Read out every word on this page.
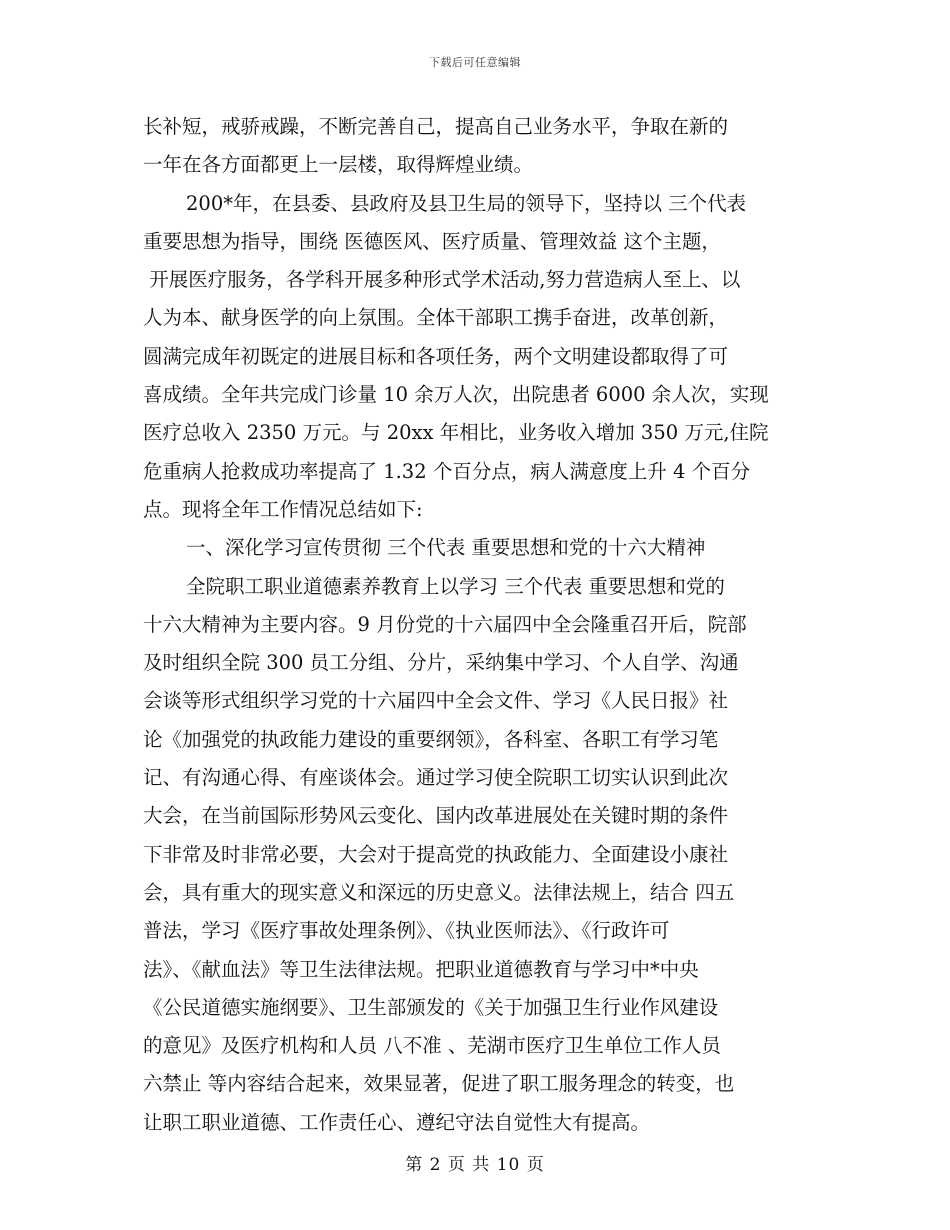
下载后可任意编辑
长补短，戒骄戒躁，不断完善自己，提高自己业务水平，争取在新的
一年在各方面都更上一层楼，取得辉煌业绩。
200*年，在县委、县政府及县卫生局的领导下，坚持以 三个代表
重要思想为指导，围绕 医德医风、医疗质量、管理效益 这个主题，
开展医疗服务，各学科开展多种形式学术活动,努力营造病人至上、以
人为本、献身医学的向上氛围。全体干部职工携手奋进，改革创新，
圆满完成年初既定的进展目标和各项任务，两个文明建设都取得了可
喜成绩。全年共完成门诊量 10 余万人次，出院患者 6000 余人次，实现
医疗总收入 2350 万元。与 20xx 年相比，业务收入增加 350 万元,住院
危重病人抢救成功率提高了 1.32 个百分点，病人满意度上升 4 个百分
点。现将全年工作情况总结如下:
一、深化学习宣传贯彻 三个代表 重要思想和党的十六大精神
全院职工职业道德素养教育上以学习 三个代表 重要思想和党的
十六大精神为主要内容。9 月份党的十六届四中全会隆重召开后，院部
及时组织全院 300 员工分组、分片，采纳集中学习、个人自学、沟通
会谈等形式组织学习党的十六届四中全会文件、学习《人民日报》社
论《加强党的执政能力建设的重要纲领》，各科室、各职工有学习笔
记、有沟通心得、有座谈体会。通过学习使全院职工切实认识到此次
大会，在当前国际形势风云变化、国内改革进展处在关键时期的条件
下非常及时非常必要，大会对于提高党的执政能力、全面建设小康社
会，具有重大的现实意义和深远的历史意义。法律法规上，结合 四五
普法，学习《医疗事故处理条例》、《执业医师法》、《行政许可
法》、《献血法》等卫生法律法规。把职业道德教育与学习中*中央
《公民道德实施纲要》、卫生部颁发的《关于加强卫生行业作风建设
的意见》及医疗机构和人员 八不准 、芜湖市医疗卫生单位工作人员
六禁止 等内容结合起来，效果显著，促进了职工服务理念的转变，也
让职工职业道德、工作责任心、遵纪守法自觉性大有提高。
第 2 页 共 10 页
